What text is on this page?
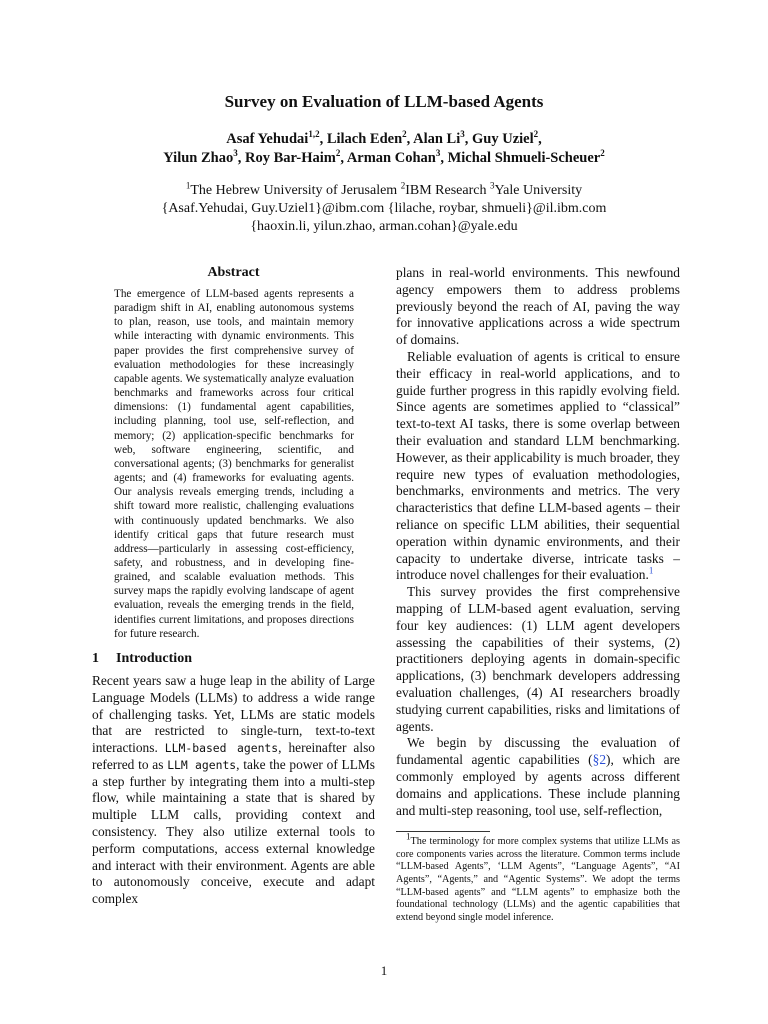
Survey on Evaluation of LLM-based Agents
Asaf Yehudai$^{1,2}$, Lilach Eden$^2$, Alan Li$^3$, Guy Uziel$^2$,
Yilun Zhao$^3$, Roy Bar-Haim$^2$, Arman Cohan$^3$, Michal Shmueli-Scheuer$^2$
$^1$The Hebrew University of Jerusalem $^2$IBM Research $^3$Yale University
{Asaf.Yehudai, Guy.Uziel1}@ibm.com {lilache, roybar, shmueli}@il.ibm.com
{haoxin.li, yilun.zhao, arman.cohan}@yale.edu
Abstract

The emergence of LLM-based agents represents a paradigm shift in AI, enabling autonomous systems to plan, reason, use tools, and maintain memory while interacting with dynamic environments. This paper provides the first comprehensive survey of evaluation methodologies for these increasingly capable agents. We systematically analyze evaluation benchmarks and frameworks across four critical dimensions: (1) fundamental agent capabilities, including planning, tool use, self-reflection, and memory; (2) application-specific benchmarks for web, software engineering, scientific, and conversational agents; (3) benchmarks for generalist agents; and (4) frameworks for evaluating agents. Our analysis reveals emerging trends, including a shift toward more realistic, challenging evaluations with continuously updated benchmarks. We also identify critical gaps that future research must address—particularly in assessing cost-efficiency, safety, and robustness, and in developing fine-grained, and scalable evaluation methods. This survey maps the rapidly evolving landscape of agent evaluation, reveals the emerging trends in the field, identifies current limitations, and proposes directions for future research.

1 Introduction

Recent years saw a huge leap in the ability of Large Language Models (LLMs) to address a wide range of challenging tasks. Yet, LLMs are static models that are restricted to single-turn, text-to-text interactions. LLM-based agents, hereinafter also referred to as LLM agents, take the power of LLMs a step further by integrating them into a multi-step flow, while maintaining a state that is shared by multiple LLM calls, providing context and consistency. They also utilize external tools to perform computations, access external knowledge and interact with their environment. Agents are able to autonomously conceive, execute and adapt complex

plans in real-world environments. This newfound agency empowers them to address problems previously beyond the reach of AI, paving the way for innovative applications across a wide spectrum of domains.

Reliable evaluation of agents is critical to ensure their efficacy in real-world applications, and to guide further progress in this rapidly evolving field. Since agents are sometimes applied to “classical” text-to-text AI tasks, there is some overlap between their evaluation and standard LLM benchmarking. However, as their applicability is much broader, they require new types of evaluation methodologies, benchmarks, environments and metrics. The very characteristics that define LLM-based agents – their reliance on specific LLM abilities, their sequential operation within dynamic environments, and their capacity to undertake diverse, intricate tasks – introduce novel challenges for their evaluation.$^1$

This survey provides the first comprehensive mapping of LLM-based agent evaluation, serving four key audiences: (1) LLM agent developers assessing the capabilities of their systems, (2) practitioners deploying agents in domain-specific applications, (3) benchmark developers addressing evaluation challenges, (4) AI researchers broadly studying current capabilities, risks and limitations of agents.

We begin by discussing the evaluation of fundamental agentic capabilities (§2), which are commonly employed by agents across different domains and applications. These include planning and multi-step reasoning, tool use, self-reflection,

$^1$The terminology for more complex systems that utilize LLMs as core components varies across the literature. Common terms include “LLM-based Agents”, ‘LLM Agents”, “Language Agents”, “AI Agents”, “Agents,” and “Agentic Systems”. We adopt the terms “LLM-based agents” and “LLM agents” to emphasize both the foundational technology (LLMs) and the agentic capabilities that extend beyond single model inference.

1
